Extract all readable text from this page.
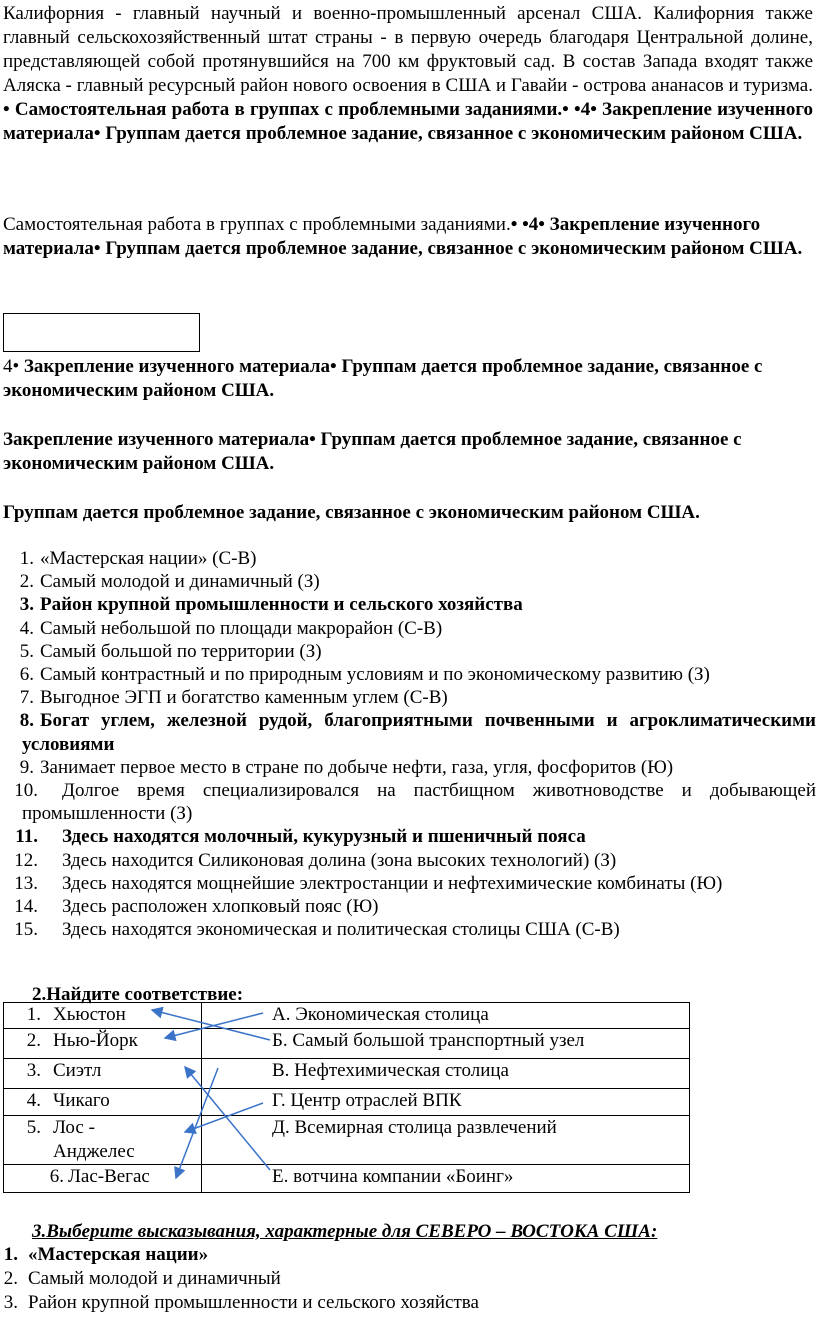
Калифорния - главный научный и военно-промышленный арсенал США. Калифорния также главный сельскохозяйственный штат страны - в первую очередь благодаря Центральной долине, представляющей собой протянувшийся на 700 км фруктовый сад. В состав Запада входят также Аляска - главный ресурсный район нового освоения в США и Гавайи - острова ананасов и туризма. • Самостоятельная работа в группах с проблемными заданиями.• •4• Закрепление изученного материала• Группам дается проблемное задание, связанное с экономическим районом США.
Самостоятельная работа в группах с проблемными заданиями.• •4• Закрепление изученного материала• Группам дается проблемное задание, связанное с экономическим районом США.
4• Закрепление изученного материала• Группам дается проблемное задание, связанное с экономическим районом США.
Закрепление изученного материала• Группам дается проблемное задание, связанное с экономическим районом США.
Группам дается проблемное задание, связанное с экономическим районом США.
1. «Мастерская нации» (С-В)
2. Самый молодой и динамичный (З)
3. Район крупной промышленности и сельского хозяйства
4. Самый небольшой по площади макрорайон (С-В)
5. Самый большой по территории (З)
6. Самый контрастный и по природным условиям и по экономическому развитию (З)
7. Выгодное ЭГП и богатство каменным углем (С-В)
8. Богат углем, железной рудой, благоприятными почвенными и агроклиматическими условиями
9. Занимает первое место в стране по добыче нефти, газа, угля, фосфоритов (Ю)
10.	Долгое время специализировался на пастбищном животноводстве и добывающей промышленности (З)
11. Здесь находятся молочный, кукурузный и пшеничный пояса
12. Здесь находится Силиконовая долина (зона высоких технологий) (З)
13. Здесь находятся мощнейшие электростанции и нефтехимические комбинаты (Ю)
14. Здесь расположен хлопковый пояс (Ю)
15. Здесь находятся экономическая и политическая столицы США (С-В)
2.Найдите соответствие:
1. Хьюстон	А. Экономическая столица
2. Нью-Йорк	Б. Самый большой транспортный узел
3. Сиэтл	В. Нефтехимическая столица
4. Чикаго	Г. Центр отраслей ВПК
5. Лос - Анджелес	Д. Всемирная столица развлечений
6. Лас-Вегас	Е. вотчина компании «Боинг»
3.Выберите высказывания, характерные для СЕВЕРО – ВОСТОКА США:
1. «Мастерская нации»
2. Самый молодой и динамичный
3. Район крупной промышленности и сельского хозяйства
